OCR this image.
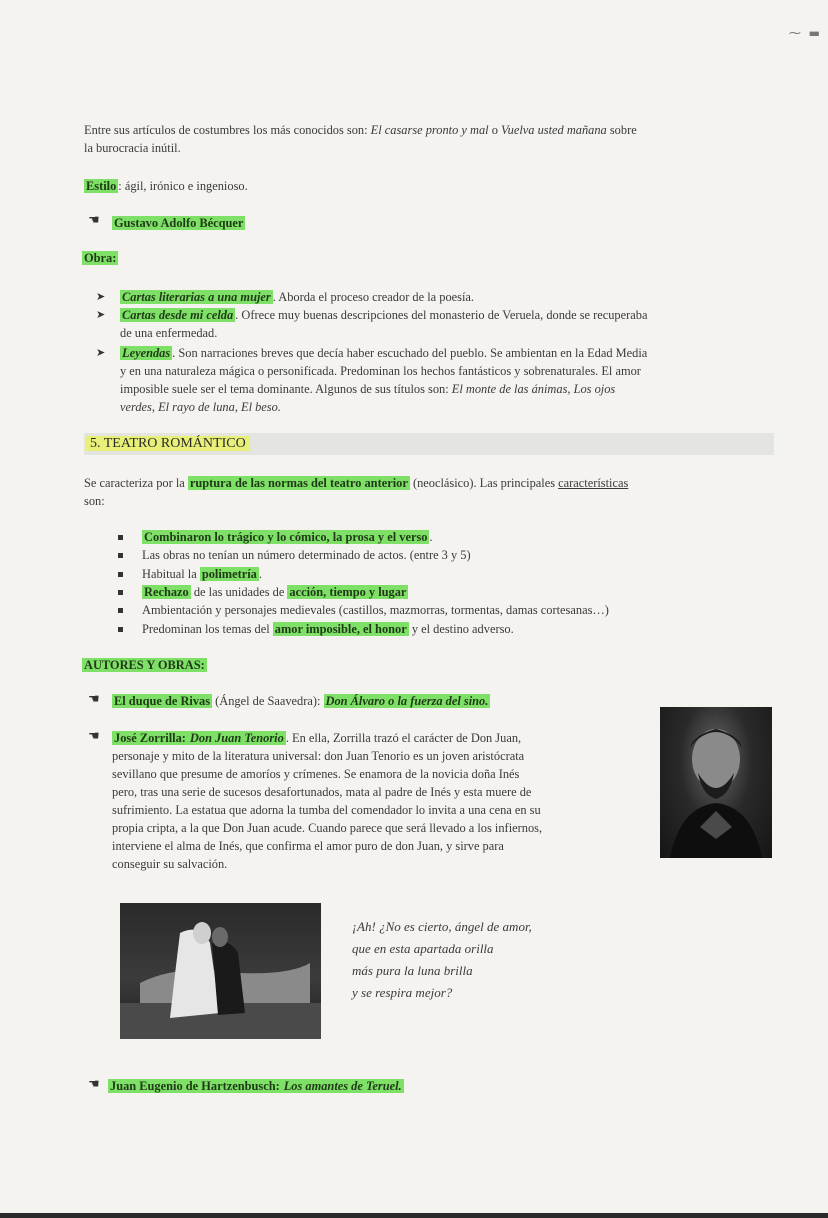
⁓ ▬
Entre sus artículos de costumbres los más conocidos son: El casarse pronto y mal o Vuelva usted mañana sobre
la burocracia inútil.
Estilo : ágil, irónico e ingenioso.
☚ Gustavo Adolfo Bécquer
Obra:
➤ Cartas literarias a una mujer . Aborda el proceso creador de la poesía.
➤ Cartas desde mi celda . Ofrece muy buenas descripciones del monasterio de Veruela, donde se recuperaba
de una enfermedad.
➤ Leyendas . Son narraciones breves que decía haber escuchado del pueblo. Se ambientan en la Edad Media
y en una naturaleza mágica o personificada. Predominan los hechos fantásticos y sobrenaturales. El amor
imposible suele ser el tema dominante. Algunos de sus títulos son: El monte de las ánimas, Los ojos
verdes, El rayo de luna, El beso.
5. TEATRO ROMÁNTICO
Se caracteriza por la ruptura de las normas del teatro anterior (neoclásico). Las principales características
son:
Combinaron lo trágico y lo cómico, la prosa y el verso .
Las obras no tenían un número determinado de actos. (entre 3 y 5)
Habitual la polimetría .
Rechazo de las unidades de acción, tiempo y lugar
Ambientación y personajes medievales (castillos, mazmorras, tormentas, damas cortesanas…)
Predominan los temas del amor imposible, el honor y el destino adverso.
AUTORES Y OBRAS:
☚ El duque de Rivas (Ángel de Saavedra): Don Álvaro o la fuerza del sino.
☚ José Zorrilla: Don Juan Tenorio . En ella, Zorrilla trazó el carácter de Don Juan,
personaje y mito de la literatura universal: don Juan Tenorio es un joven aristócrata
sevillano que presume de amoríos y crímenes. Se enamora de la novicia doña Inés
pero, tras una serie de sucesos desafortunados, mata al padre de Inés y esta muere de
sufrimiento. La estatua que adorna la tumba del comendador lo invita a una cena en su
propia cripta, a la que Don Juan acude. Cuando parece que será llevado a los infiernos,
interviene el alma de Inés, que confirma el amor puro de don Juan, y sirve para
conseguir su salvación.
¡Ah! ¿No es cierto, ángel de amor,
que en esta apartada orilla
más pura la luna brilla
y se respira mejor?
☚ Juan Eugenio de Hartzenbusch: Los amantes de Teruel.
